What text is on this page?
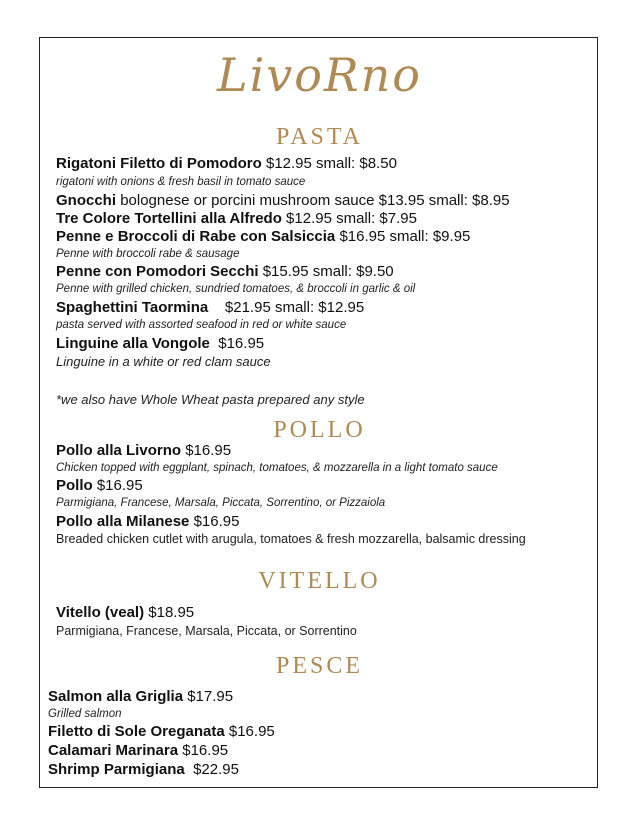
LivoRno
PASTA
Rigatoni Filetto di Pomodoro $12.95 small: $8.50
rigatoni with onions & fresh basil in tomato sauce
Gnocchi bolognese or porcini mushroom sauce $13.95 small: $8.95
Tre Colore Tortellini alla Alfredo $12.95 small: $7.95
Penne e Broccoli di Rabe con Salsiccia $16.95 small: $9.95
Penne with broccoli rabe & sausage
Penne con Pomodori Secchi $15.95 small: $9.50
Penne with grilled chicken, sundried tomatoes, & broccoli in garlic & oil
Spaghettini Taormina $21.95 small: $12.95
pasta served with assorted seafood in red or white sauce
Linguine alla Vongole $16.95
Linguine in a white or red clam sauce
*we also have Whole Wheat pasta prepared any style
POLLO
Pollo alla Livorno $16.95
Chicken topped with eggplant, spinach, tomatoes, & mozzarella in a light tomato sauce
Pollo $16.95
Parmigiana, Francese, Marsala, Piccata, Sorrentino, or Pizzaiola
Pollo alla Milanese $16.95
Breaded chicken cutlet with arugula, tomatoes & fresh mozzarella, balsamic dressing
VITELLO
Vitello (veal) $18.95
Parmigiana, Francese, Marsala, Piccata, or Sorrentino
PESCE
Salmon alla Griglia $17.95
Grilled salmon
Filetto di Sole Oreganata $16.95
Calamari Marinara $16.95
Shrimp Parmigiana $22.95
